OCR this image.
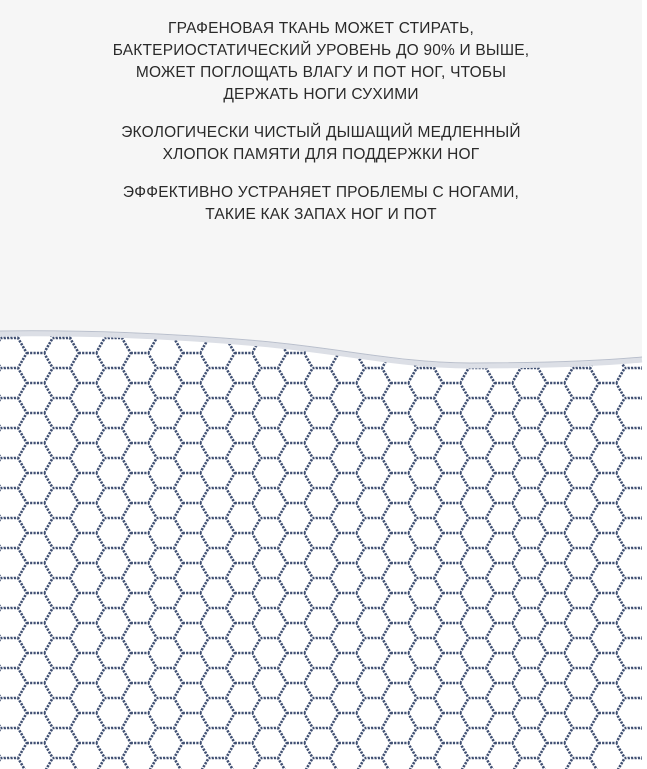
ГРАФЕНОВАЯ ТКАНЬ МОЖЕТ СТИРАТЬ,
БАКТЕРИОСТАТИЧЕСКИЙ УРОВЕНЬ ДО 90% И ВЫШЕ,
МОЖЕТ ПОГЛОЩАТЬ ВЛАГУ И ПОТ НОГ, ЧТОБЫ
ДЕРЖАТЬ НОГИ СУХИМИ
ЭКОЛОГИЧЕСКИ ЧИСТЫЙ ДЫШАЩИЙ МЕДЛЕННЫЙ
ХЛОПОК ПАМЯТИ ДЛЯ ПОДДЕРЖКИ НОГ
ЭФФЕКТИВНО УСТРАНЯЕТ ПРОБЛЕМЫ С НОГАМИ,
ТАКИЕ КАК ЗАПАХ НОГ И ПОТ
